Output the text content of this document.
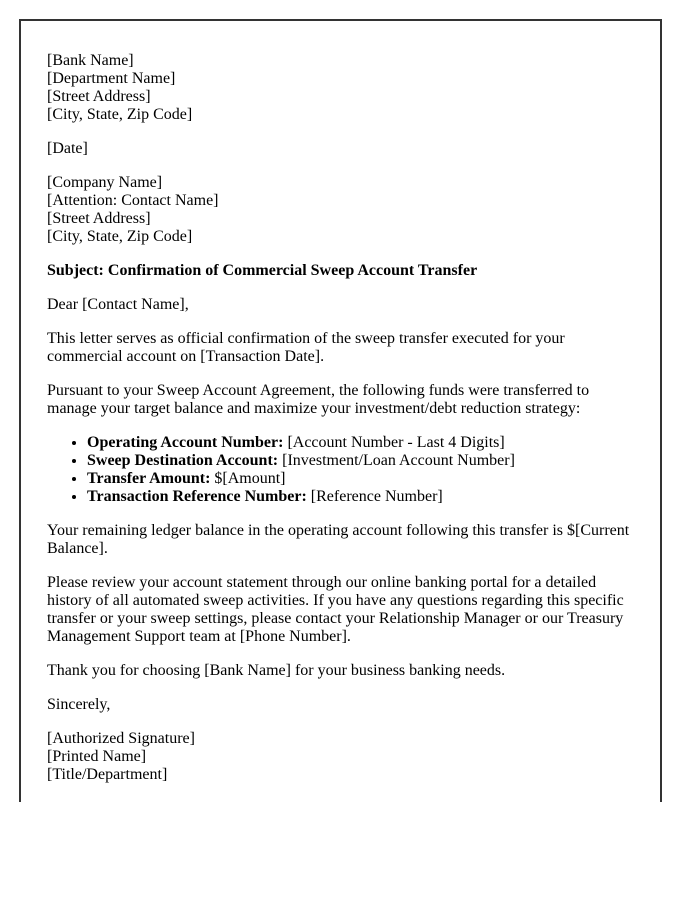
[Bank Name]
[Department Name]
[Street Address]
[City, State, Zip Code]

[Date]

[Company Name]
[Attention: Contact Name]
[Street Address]
[City, State, Zip Code]

Subject: Confirmation of Commercial Sweep Account Transfer

Dear [Contact Name],

This letter serves as official confirmation of the sweep transfer executed for your commercial account on [Transaction Date].

Pursuant to your Sweep Account Agreement, the following funds were transferred to manage your target balance and maximize your investment/debt reduction strategy:

• Operating Account Number: [Account Number - Last 4 Digits]
• Sweep Destination Account: [Investment/Loan Account Number]
• Transfer Amount: $[Amount]
• Transaction Reference Number: [Reference Number]

Your remaining ledger balance in the operating account following this transfer is $[Current Balance].

Please review your account statement through our online banking portal for a detailed history of all automated sweep activities. If you have any questions regarding this specific transfer or your sweep settings, please contact your Relationship Manager or our Treasury Management Support team at [Phone Number].

Thank you for choosing [Bank Name] for your business banking needs.

Sincerely,

[Authorized Signature]
[Printed Name]
[Title/Department]
